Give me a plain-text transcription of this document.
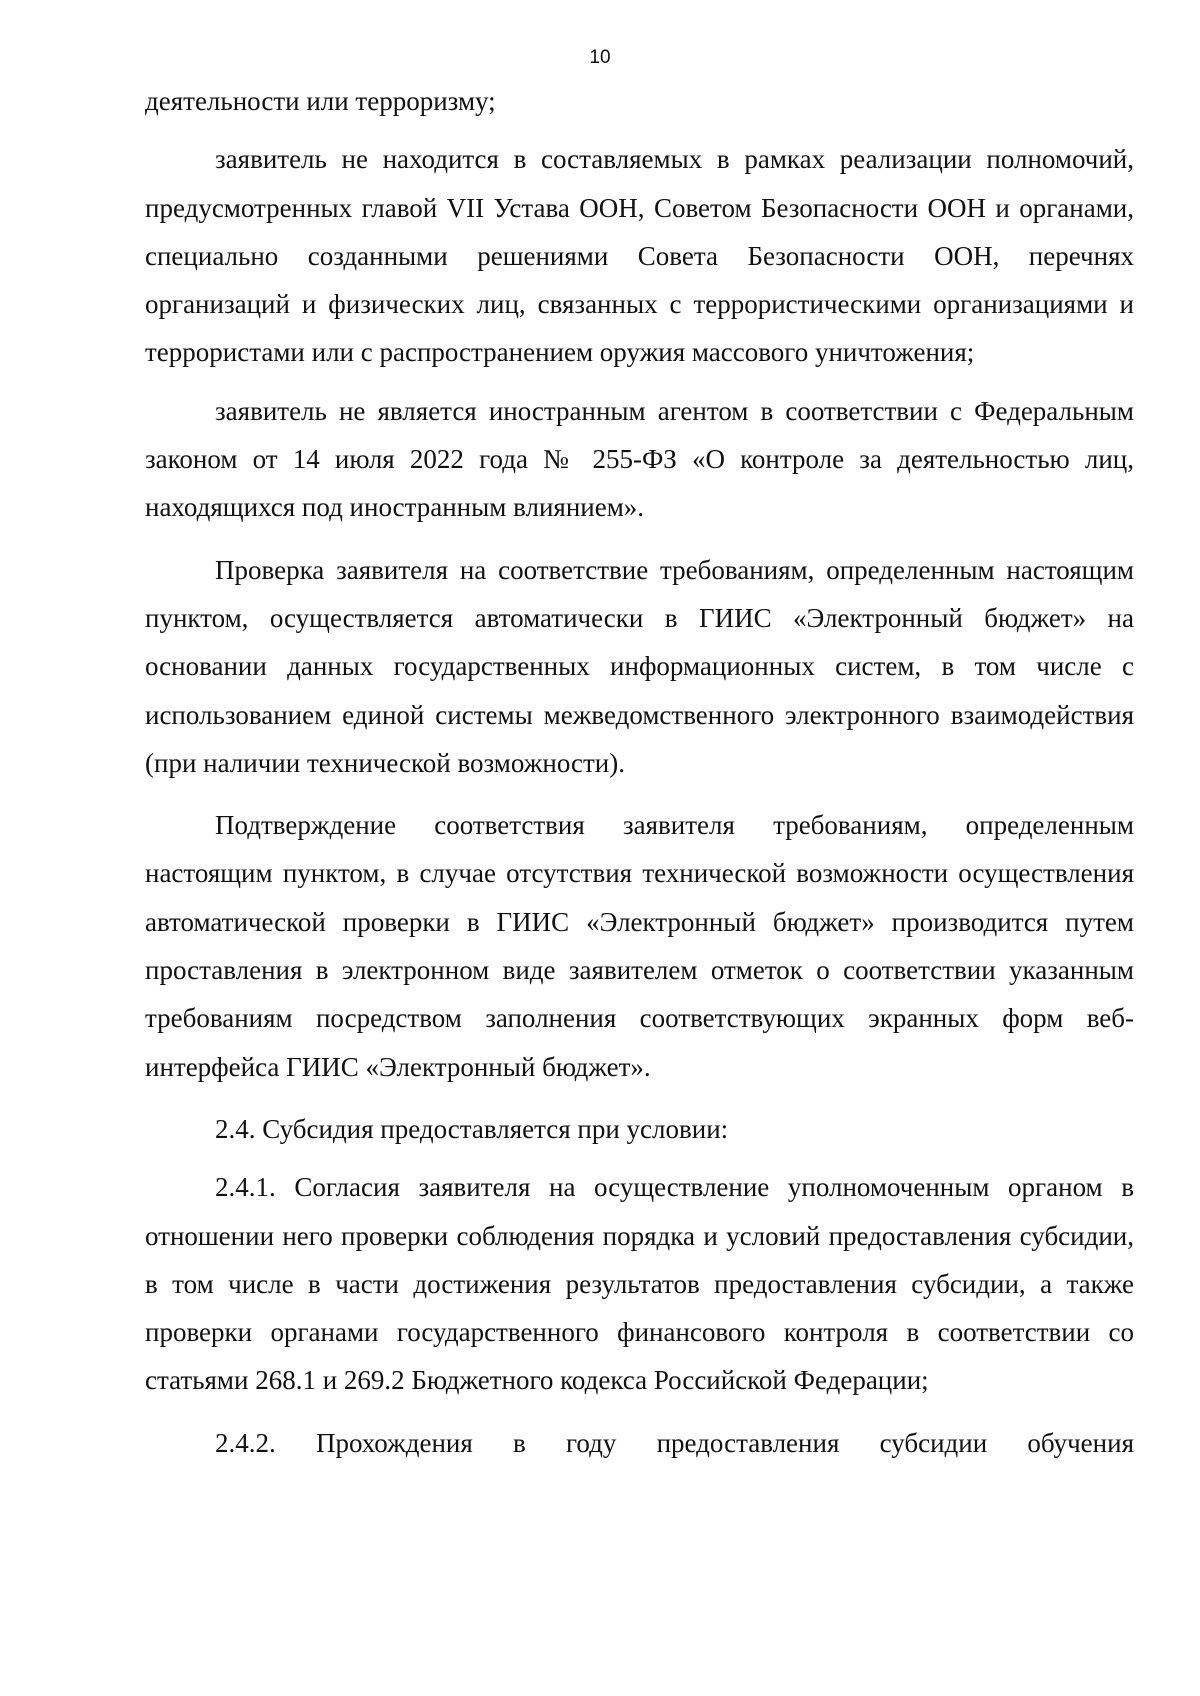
10

деятельности или терроризму;

заявитель не находится в составляемых в рамках реализации полномочий, предусмотренных главой VII Устава ООН, Советом Безопасности ООН и органами, специально созданными решениями Совета Безопасности ООН, перечнях организаций и физических лиц, связанных с террористическими организациями и террористами или с распространением оружия массового уничтожения;

заявитель не является иностранным агентом в соответствии с Федеральным законом от 14 июля 2022 года № 255-ФЗ «О контроле за деятельностью лиц, находящихся под иностранным влиянием».

Проверка заявителя на соответствие требованиям, определенным настоящим пунктом, осуществляется автоматически в ГИИС «Электронный бюджет» на основании данных государственных информационных систем, в том числе с использованием единой системы межведомственного электронного взаимодействия (при наличии технической возможности).

Подтверждение соответствия заявителя требованиям, определенным настоящим пунктом, в случае отсутствия технической возможности осуществления автоматической проверки в ГИИС «Электронный бюджет» производится путем проставления в электронном виде заявителем отметок о соответствии указанным требованиям посредством заполнения соответствующих экранных форм веб-интерфейса ГИИС «Электронный бюджет».

2.4. Субсидия предоставляется при условии:

2.4.1. Согласия заявителя на осуществление уполномоченным органом в отношении него проверки соблюдения порядка и условий предоставления субсидии, в том числе в части достижения результатов предоставления субсидии, а также проверки органами государственного финансового контроля в соответствии со статьями 268.1 и 269.2 Бюджетного кодекса Российской Федерации;

2.4.2. Прохождения в году предоставления субсидии обучения
